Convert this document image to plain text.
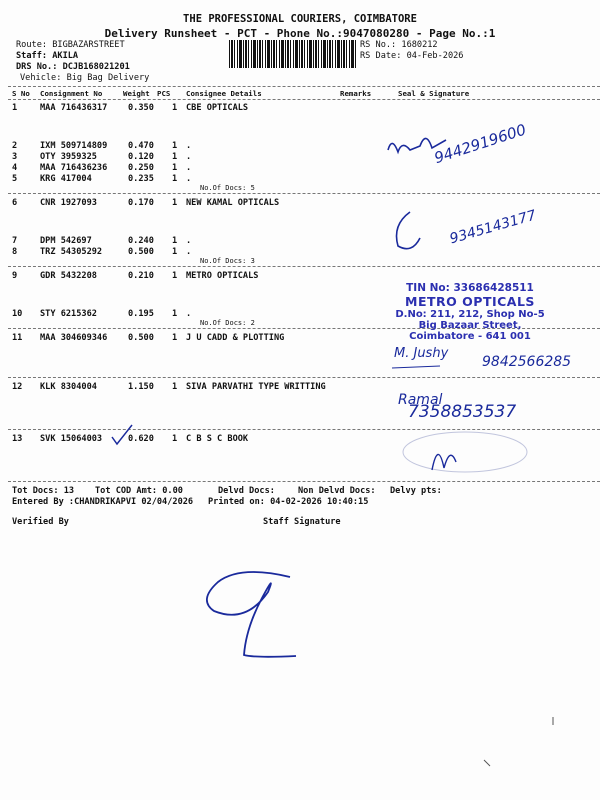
THE PROFESSIONAL COURIERS, COIMBATORE
Delivery Runsheet - PCT - Phone No.:9047080280 - Page No.:1
Route: BIGBAZARSTREET
Staff: AKILA
DRS No.: DCJB168021201
Vehicle: Big Bag Delivery
RS No.: 1680212
RS Date: 04-Feb-2026
S No Consignment No	Weight PCS Consignee Details	Remarks	Seal & Signature
1	MAA 716436317 0.350 1 CBE OPTICALS
2	IXM 509714809 0.470 1 .
3	OTY 3959325	0.120 1 .
4	MAA 716436236 0.250 1 .
5	KRG 417004	0.235 1 .
No.Of Docs: 5
6	CNR 1927093	0.170 1 NEW KAMAL OPTICALS
7	DPM 542697	0.240 1 .
8	TRZ 54305292	0.500 1 .
No.Of Docs: 3
9	GDR 5432208	0.210 1 METRO OPTICALS
10 STY 6215362	0.195 1 .
No.Of Docs: 2
11 MAA 304609346 0.500 1 J U CADD & PLOTTING
12 KLK 8304004	1.150 1 SIVA PARVATHI TYPE WRITTING
13 SVK 15064003	0.620 1 C B S C BOOK
Tot Docs: 13 Tot COD Amt: 0.00	Delvd Docs:	Non Delvd Docs: Delvy pts:
Entered By :CHANDRIKAPVI 02/04/2026 Printed on: 04-02-2026 10:40:15
Verified By	Staff Signature
9442919600
9345143177
TIN No: 33686428511
METRO OPTICALS
D.No: 211, 212, Shop No-5
Big Bazaar Street,
Coimbatore - 641 001
M. Jushy
9842566285
Ramal
7358853537
